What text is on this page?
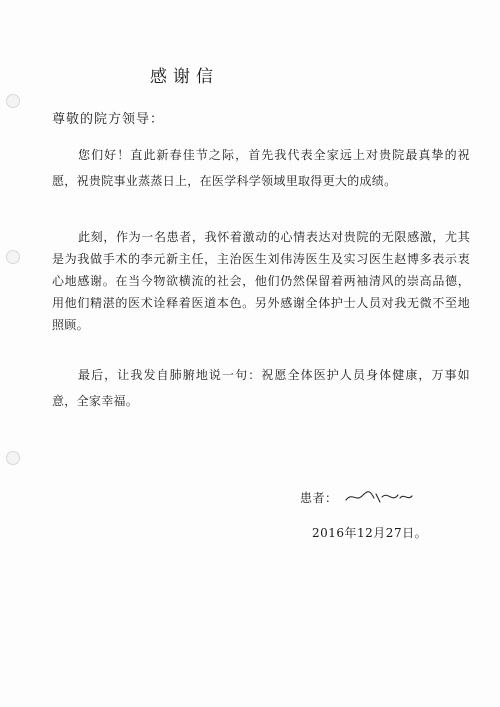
感谢信
尊敬的院方领导：

您们好！直此新春佳节之际，首先我代表全家远上对贵院最真挚的祝愿，祝贵院事业蒸蒸日上，在医学科学领域里取得更大的成绩。

此刻，作为一名患者，我怀着激动的心情表达对贵院的无限感激，尤其是为我做手术的李元新主任，主治医生刘伟涛医生及实习医生赵博多表示衷心地感谢。在当今物欲横流的社会，他们仍然保留着两袖清风的崇高品德，用他们精湛的医术诠释着医道本色。另外感谢全体护士人员对我无微不至地照顾。

最后，让我发自肺腑地说一句：祝愿全体医护人员身体健康，万事如意，全家幸福。

患者：
2016年12月27日。
